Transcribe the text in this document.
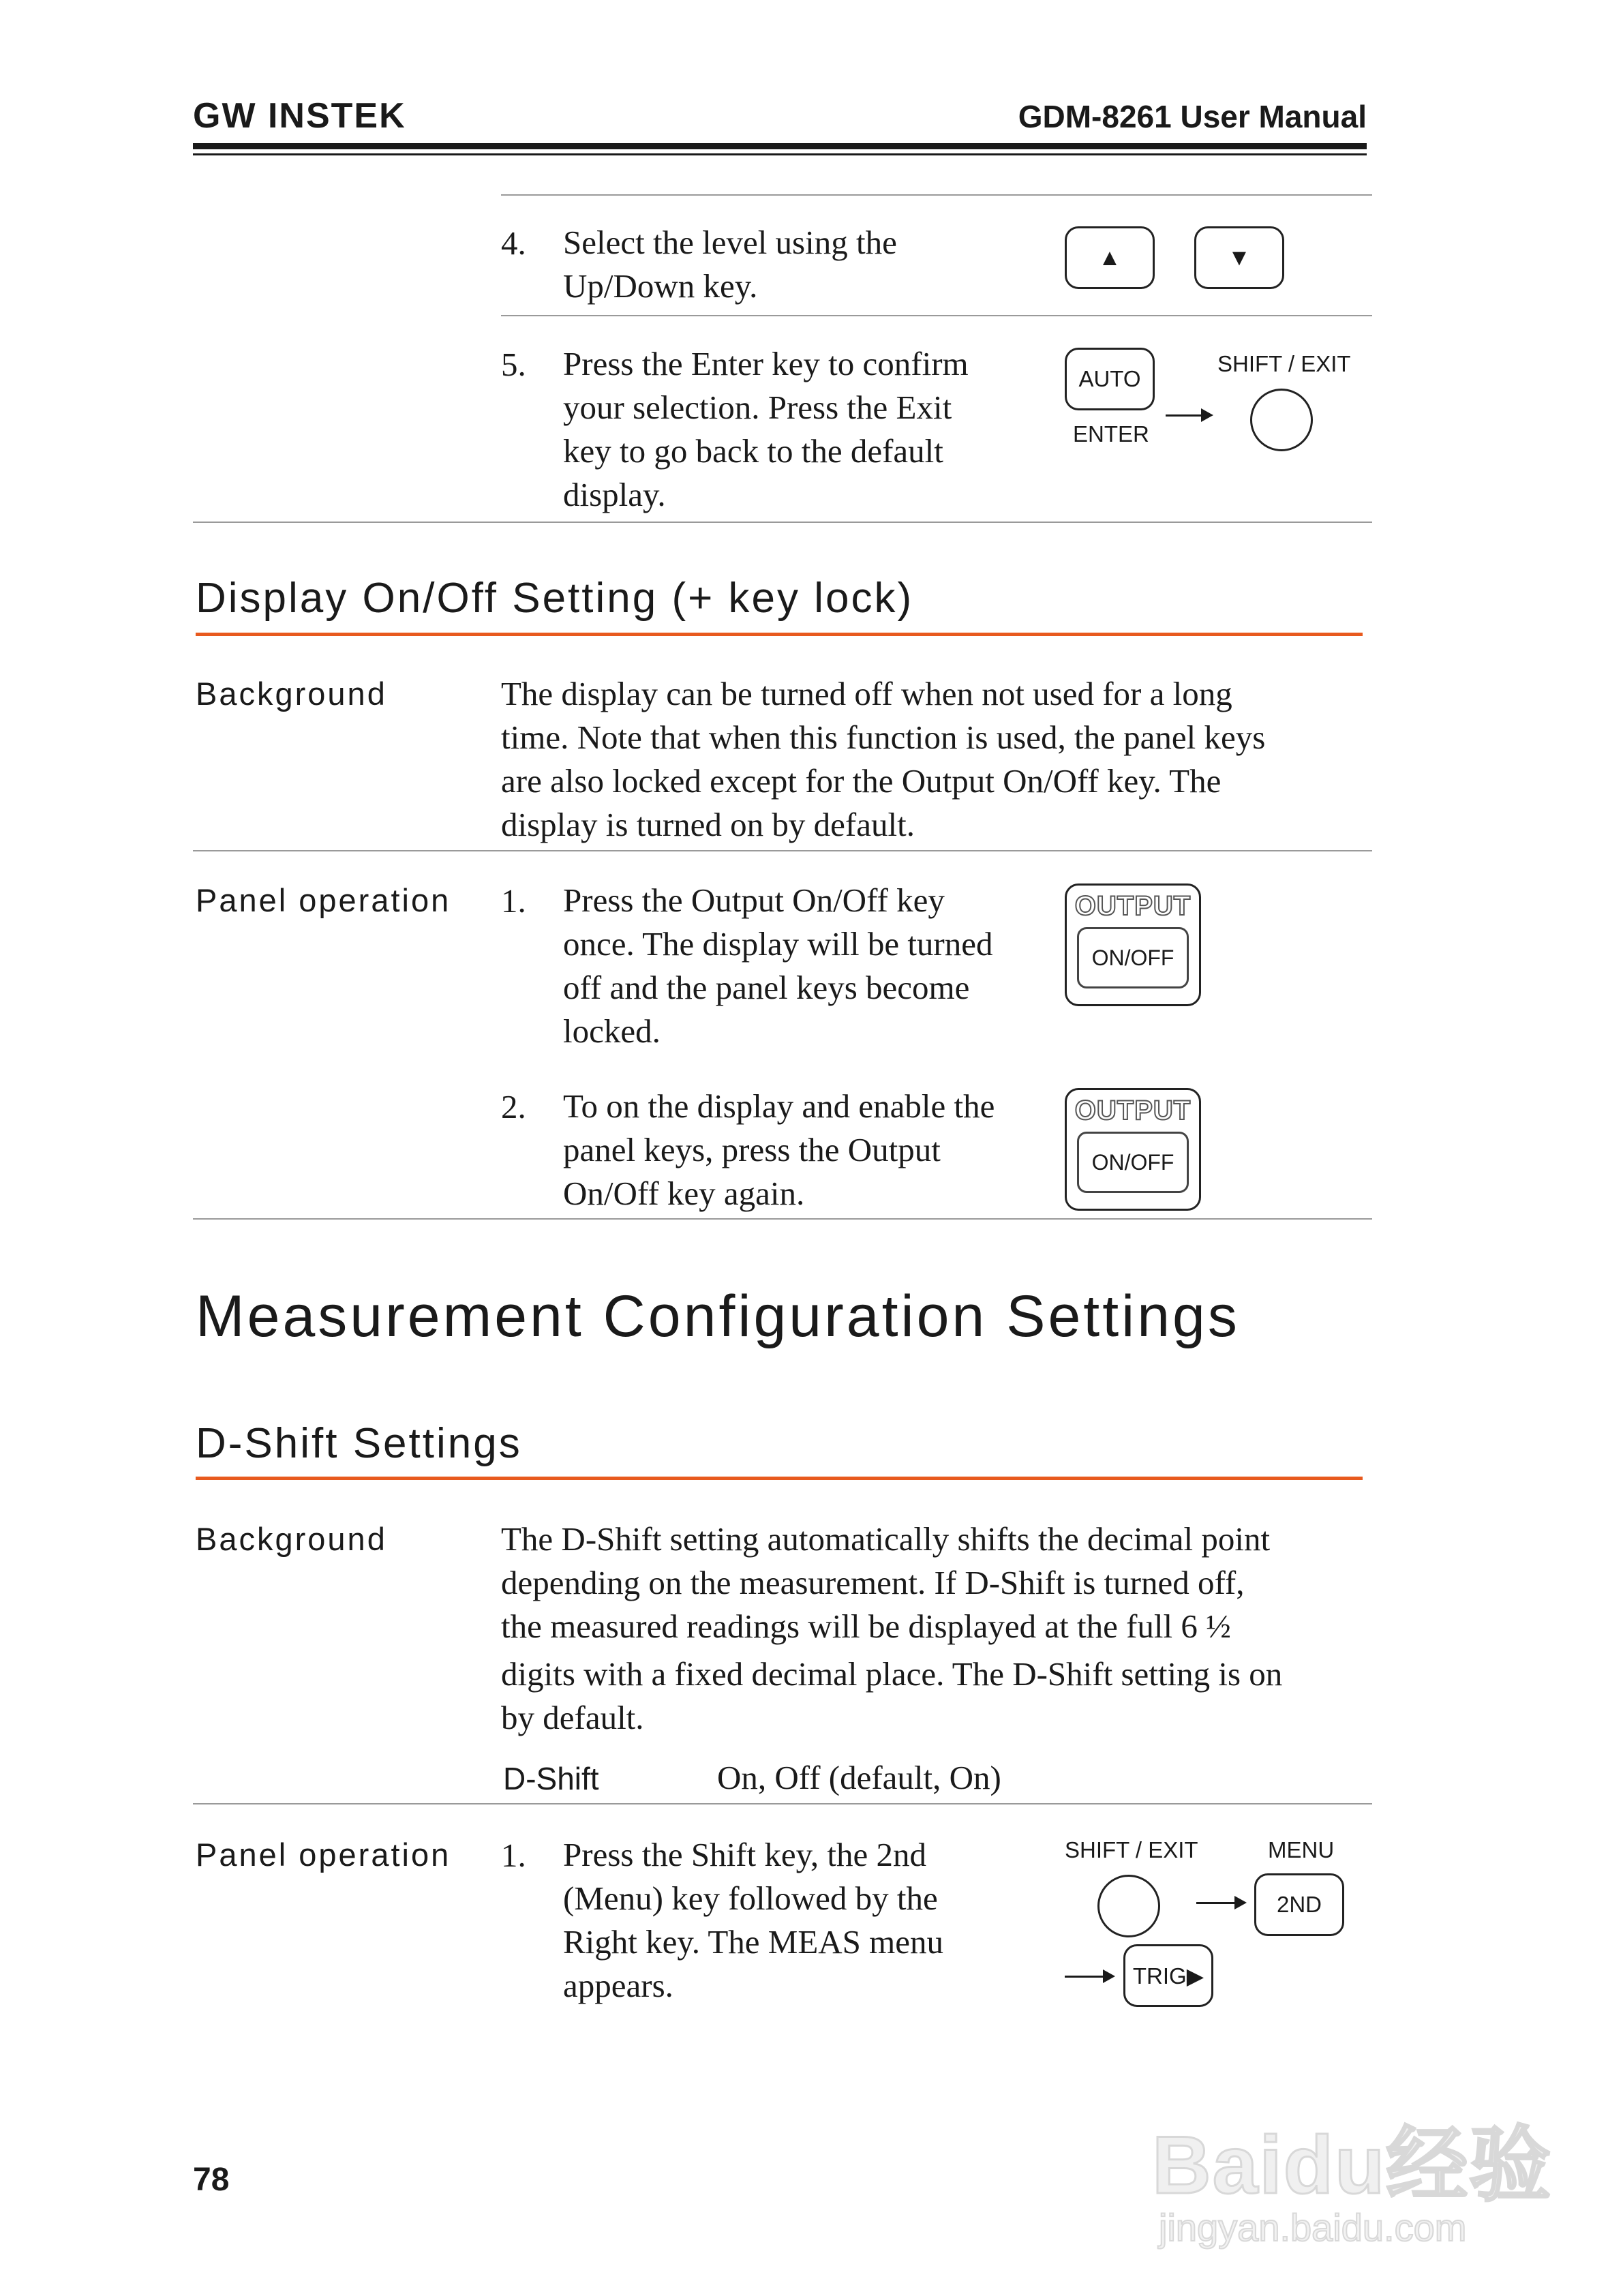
GW INSTEK	GDM-8261 User Manual
4. Select the level using the
Up/Down key.
▲	▼
5. Press the Enter key to confirm
your selection. Press the Exit
key to go back to the default
display.
AUTO
ENTER
SHIFT / EXIT
Display On/Off Setting (+ key lock)
Background	The display can be turned off when not used for a long
time. Note that when this function is used, the panel keys
are also locked except for the Output On/Off key. The
display is turned on by default.
Panel operation 1. Press the Output On/Off key
once. The display will be turned
off and the panel keys become
locked.
OUTPUT
ON/OFF
2. To on the display and enable the
panel keys, press the Output
On/Off key again.
OUTPUT
ON/OFF
Measurement Configuration Settings
D-Shift Settings
Background	The D-Shift setting automatically shifts the decimal point
depending on the measurement. If D-Shift is turned off,
the measured readings will be displayed at the full 6 ½
digits with a fixed decimal place. The D-Shift setting is on
by default.
D-Shift	On, Off (default, On)
Panel operation 1. Press the Shift key, the 2nd
(Menu) key followed by the
Right key. The MEAS menu
appears.
SHIFT / EXIT	MENU
2ND
TRIG▶
78	Baidu经验
jingyan.baidu.com
